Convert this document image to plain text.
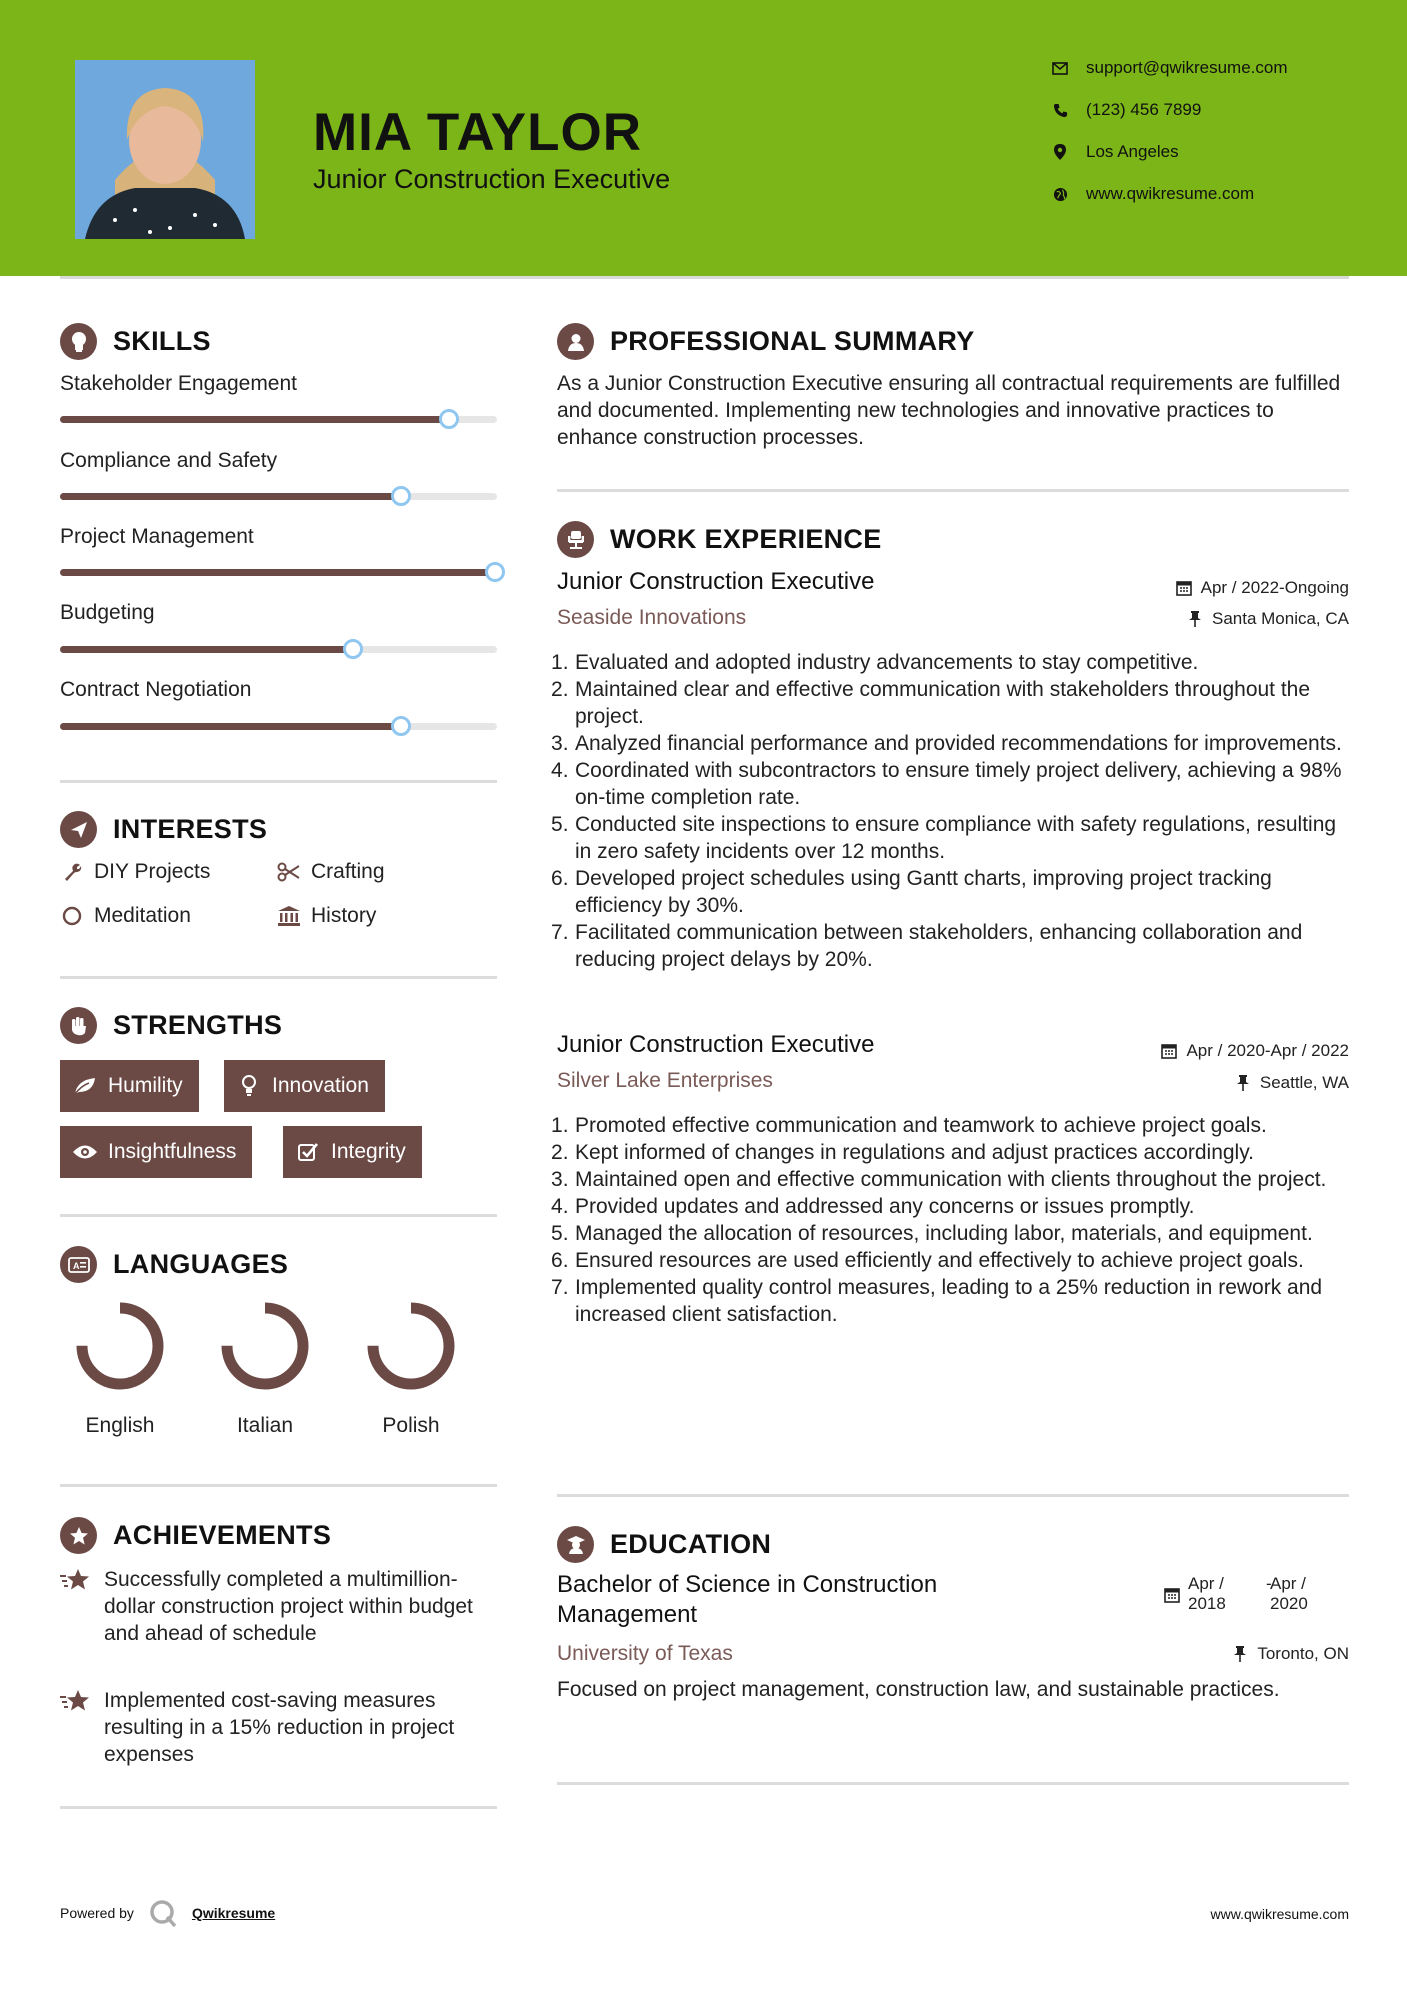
MIA TAYLOR
Junior Construction Executive
support@qwikresume.com
(123) 456 7899
Los Angeles
www.qwikresume.com
SKILLS
Stakeholder Engagement
Compliance and Safety
Project Management
Budgeting
Contract Negotiation
INTERESTS
DIY Projects	Crafting
Meditation	History
STRENGTHS
Humility	Innovation
Insightfulness	Integrity
A LANGUAGES
English	Italian	Polish
ACHIEVEMENTS
Successfully completed a multimillion-dollar construction project within budget and ahead of schedule
Implemented cost-saving measures resulting in a 15% reduction in project expenses
PROFESSIONAL SUMMARY
As a Junior Construction Executive ensuring all contractual requirements are fulfilled and documented. Implementing new technologies and innovative practices to enhance construction processes.
WORK EXPERIENCE
Junior Construction Executive	Apr / 2022-Ongoing
Seaside Innovations	Santa Monica, CA
Evaluated and adopted industry advancements to stay competitive.
Maintained clear and effective communication with stakeholders throughout the project.
Analyzed financial performance and provided recommendations for improvements.
Coordinated with subcontractors to ensure timely project delivery, achieving a 98% on-time completion rate.
Conducted site inspections to ensure compliance with safety regulations, resulting in zero safety incidents over 12 months.
Developed project schedules using Gantt charts, improving project tracking efficiency by 30%.
Facilitated communication between stakeholders, enhancing collaboration and reducing project delays by 20%.
Junior Construction Executive	Apr / 2020-Apr / 2022
Silver Lake Enterprises	Seattle, WA
Promoted effective communication and teamwork to achieve project goals.
Kept informed of changes in regulations and adjust practices accordingly.
Maintained open and effective communication with clients throughout the project.
Provided updates and addressed any concerns or issues promptly.
Managed the allocation of resources, including labor, materials, and equipment.
Ensured resources are used efficiently and effectively to achieve project goals.
Implemented quality control measures, leading to a 25% reduction in rework and increased client satisfaction.
EDUCATION
Bachelor of Science in Construction Management
Apr /
2018
-
Apr /
2020
University of Texas	Toronto, ON
Focused on project management, construction law, and sustainable practices.
Powered by	Qwikresume	www.qwikresume.com
